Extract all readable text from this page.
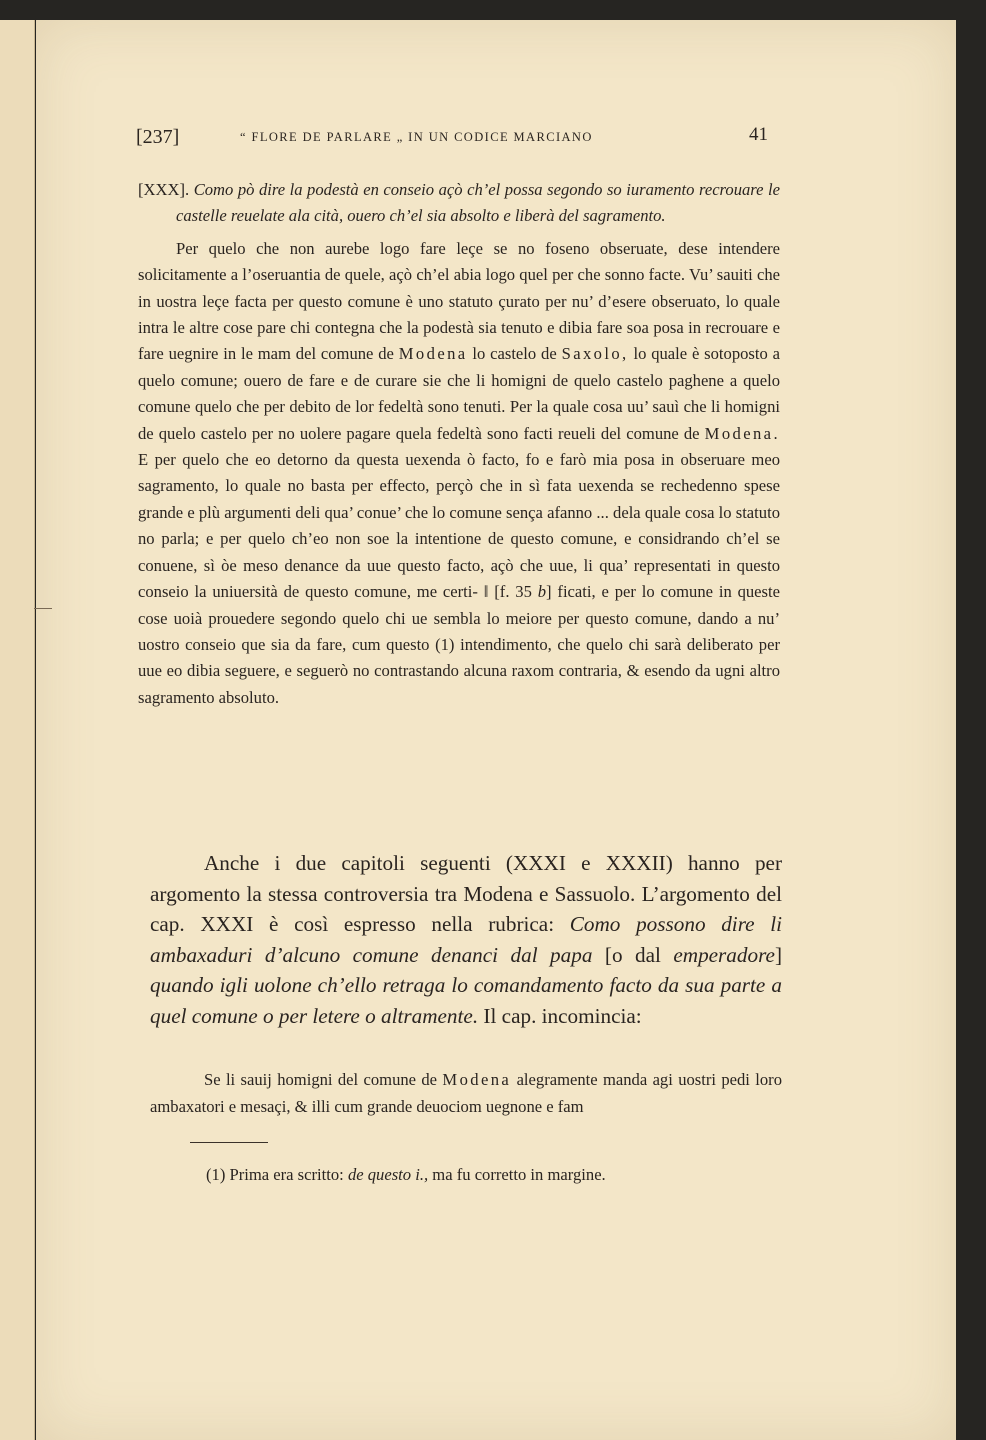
[237]	“ FLORE DE PARLARE „ IN UN CODICE MARCIANO	41

[XXX]. Como pò dire la podestà en conseio açò ch’el possa segondo so iuramento recrouare le castelle reuelate ala cità, ouero ch’el sia absolto e liberà del sagramento.

Per quelo che non aurebe logo fare leçe se no foseno obseruate, dese intendere solicitamente a l’oseruantia de quele, açò ch’el abia logo quel per che sonno facte. Vu’ sauiti che in uostra leçe facta per questo comune è uno statuto çurato per nu’ d’esere obseruato, lo quale intra le altre cose pare chi contegna che la podestà sia tenuto e dibia fare soa posa in recrouare e fare uegnire in le mam del comune de Modena lo castelo de Saxolo, lo quale è sotoposto a quelo comune; ouero de fare e de curare sie che li homigni de quelo castelo paghene a quelo comune quelo che per debito de lor fedeltà sono tenuti. Per la quale cosa uu’ sauì che li homigni de quelo castelo per no uolere pagare quela fedeltà sono facti reueli del comune de Modena. E per quelo che eo detorno da questa uexenda ò facto, fo e farò mia posa in obseruare meo sagramento, lo quale no basta per effecto, perçò che in sì fata uexenda se rechedenno spese grande e plù argumenti deli qua’ conue’ che lo comune sença afanno ... dela quale cosa lo statuto no parla; e per quelo ch’eo non soe la intentione de questo comune, e considrando ch’el se conuene, sì òe meso denance da uue questo facto, açò che uue, li qua’ representati in questo conseio la uniuersità de questo comune, me certi- ‖ [f. 35 b] ficati, e per lo comune in queste cose uoià prouedere segondo quelo chi ue sembla lo meiore per questo comune, dando a nu’ uostro conseio que sia da fare, cum questo (1) intendimento, che quelo chi sarà deliberato per uue eo dibia seguere, e seguerò no contrastando alcuna raxom contraria, & esendo da ugni altro sagramento absoluto.

Anche i due capitoli seguenti (XXXI e XXXII) hanno per argomento la stessa controversia tra Modena e Sassuolo. L’argomento del cap. XXXI è così espresso nella rubrica: Como possono dire li ambaxaduri d’alcuno comune denanci dal papa [o dal emperadore] quando igli uolone ch’ello retraga lo comandamento facto da sua parte a quel comune o per letere o altramente. Il cap. incomincia:

Se li sauij homigni del comune de Modena alegramente manda agi uostri pedi loro ambaxatori e mesaçi, & illi cum grande deuociom uegnone e fam

(1) Prima era scritto: de questo i., ma fu corretto in margine.
